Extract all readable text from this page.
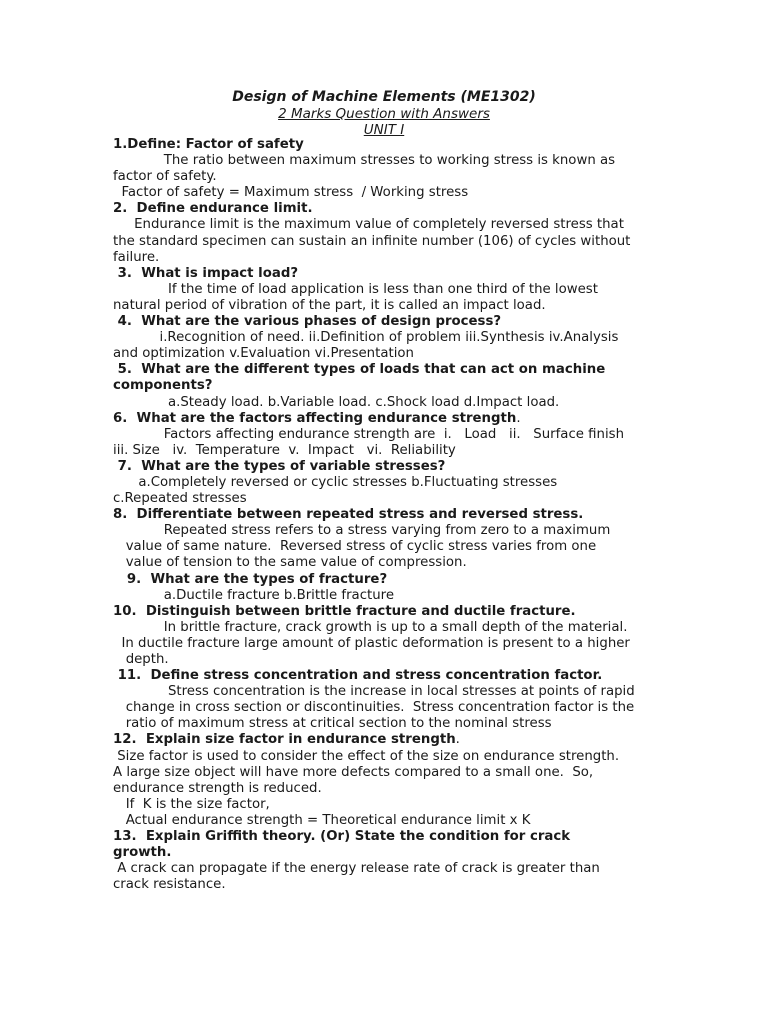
Design of Machine Elements (ME1302)
2 Marks Question with Answers
UNIT I
1.Define: Factor of safety
The ratio between maximum stresses to working stress is known as
factor of safety.
Factor of safety = Maximum stress  / Working stress
2.  Define endurance limit.
Endurance limit is the maximum value of completely reversed stress that
the standard specimen can sustain an infinite number (106) of cycles without
failure.
3.  What is impact load?
If the time of load application is less than one third of the lowest
natural period of vibration of the part, it is called an impact load.
4.  What are the various phases of design process?
i.Recognition of need. ii.Definition of problem iii.Synthesis iv.Analysis
and optimization v.Evaluation vi.Presentation
5.  What are the different types of loads that can act on machine
components?
a.Steady load. b.Variable load. c.Shock load d.Impact load.
6.  What are the factors affecting endurance strength.
Factors affecting endurance strength are  i.   Load   ii.   Surface finish
iii. Size   iv.  Temperature  v.  Impact   vi.  Reliability
7.  What are the types of variable stresses?
a.Completely reversed or cyclic stresses b.Fluctuating stresses
c.Repeated stresses
8.  Differentiate between repeated stress and reversed stress.
Repeated stress refers to a stress varying from zero to a maximum
value of same nature.  Reversed stress of cyclic stress varies from one
value of tension to the same value of compression.
9.  What are the types of fracture?
a.Ductile fracture b.Brittle fracture
10.  Distinguish between brittle fracture and ductile fracture.
In brittle fracture, crack growth is up to a small depth of the material.
In ductile fracture large amount of plastic deformation is present to a higher
depth.
11.  Define stress concentration and stress concentration factor.
Stress concentration is the increase in local stresses at points of rapid
change in cross section or discontinuities.  Stress concentration factor is the
ratio of maximum stress at critical section to the nominal stress
12.  Explain size factor in endurance strength.
Size factor is used to consider the effect of the size on endurance strength.
A large size object will have more defects compared to a small one.  So,
endurance strength is reduced.
If  K is the size factor,
Actual endurance strength = Theoretical endurance limit x K
13.  Explain Griffith theory. (Or) State the condition for crack
growth.
A crack can propagate if the energy release rate of crack is greater than
crack resistance.
